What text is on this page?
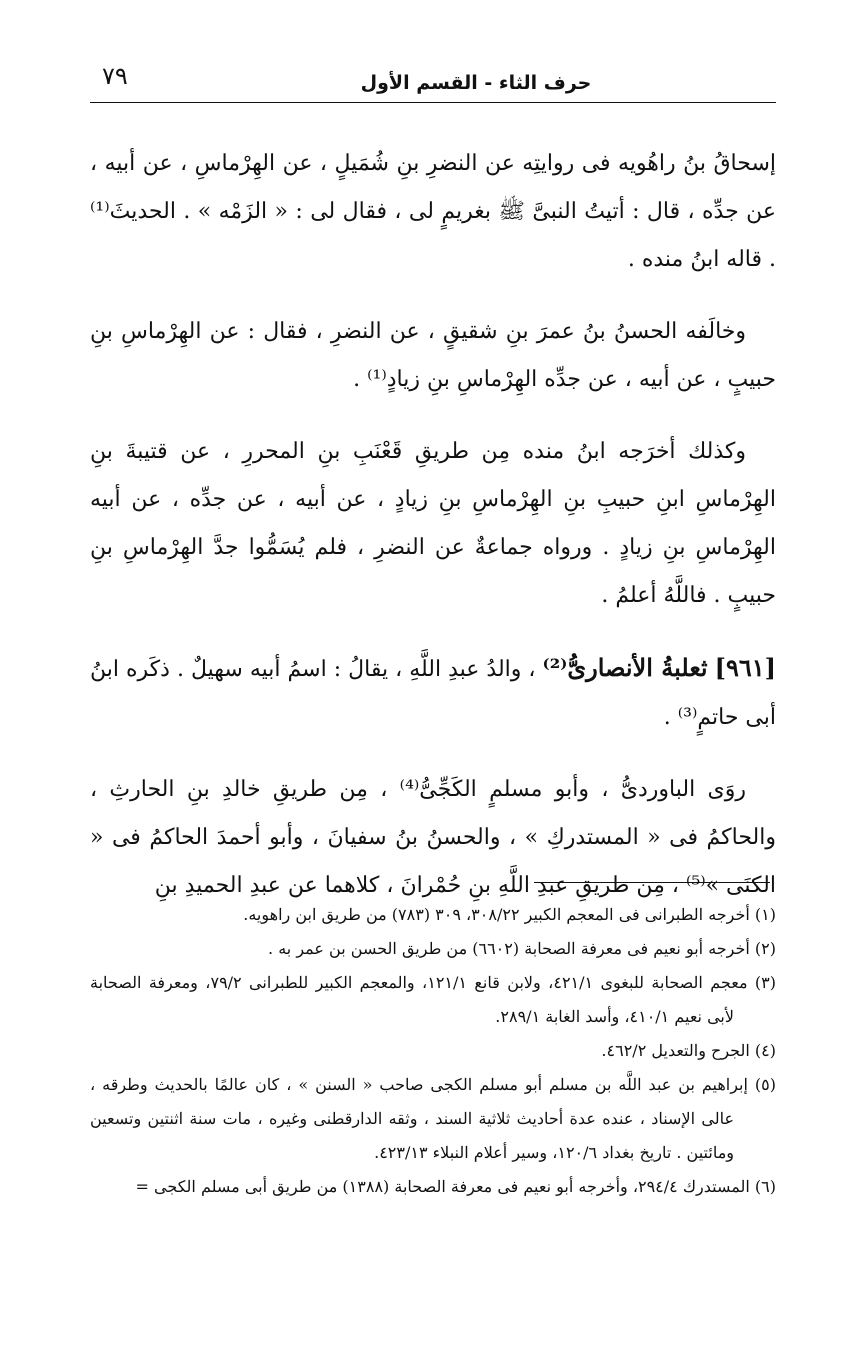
٧٩	حرف الثاء - القسم الأول

إسحاقُ بنُ راهُويه فى روايتِه عن النضرِ بنِ شُمَيلٍ ، عن الهِرْماسِ ، عن أبيه ، عن جدِّه ، قال : أتيتُ النبىَّ ﷺ بغريمٍ لى ، فقال لى : « الزَمْه » . الحديثَ⁽¹⁾ . قاله ابنُ منده .

وخالَفه الحسنُ بنُ عمرَ بنِ شقيقٍ ، عن النضرِ ، فقال : عن الهِرْماسِ بنِ حبيبٍ ، عن أبيه ، عن جدِّه الهِرْماسِ بنِ زيادٍ⁽¹⁾ .

وكذلك أخرَجه ابنُ منده مِن طريقِ قَعْنَبِ بنِ المحررِ ، عن قتيبةَ بنِ الهِرْماسِ ابنِ حبيبِ بنِ الهِرْماسِ بنِ زيادٍ ، عن أبيه ، عن جدِّه ، عن أبيه الهِرْماسِ بنِ زيادٍ . ورواه جماعةٌ عن النضرِ ، فلم يُسَمُّوا جدَّ الهِرْماسِ بنِ حبيبٍ . فاللَّهُ أعلمُ .

[٩٦١] ثعلبةُ الأنصارىُّ⁽²⁾ ، والدُ عبدِ اللَّهِ ، يقالُ : اسمُ أبيه سهيلٌ . ذكَره ابنُ أبى حاتمٍ⁽³⁾ .

روَى الباوردىُّ ، وأبو مسلمٍ الكَجِّىُّ⁽⁴⁾ ، مِن طريقِ خالدِ بنِ الحارثِ ، والحاكمُ فى « المستدركِ » ، والحسنُ بنُ سفيانَ ، وأبو أحمدَ الحاكمُ فى « الكنَى »⁽⁵⁾ ، مِن طريقِ عبدِ اللَّهِ بنِ حُمْرانَ ، كلاهما عن عبدِ الحميدِ بنِ

(١) أخرجه الطبرانى فى المعجم الكبير ٣٠٨/٢٢، ٣٠٩ (٧٨٣) من طريق ابن راهويه.

(٢) أخرجه أبو نعيم فى معرفة الصحابة (٦٦٠٢) من طريق الحسن بن عمر به .

(٣) معجم الصحابة للبغوى ٤٢١/١، ولابن قانع ١٢١/١، والمعجم الكبير للطبرانى ٧٩/٢، ومعرفة الصحابة لأبى نعيم ٤١٠/١، وأسد الغابة ٢٨٩/١.

(٤) الجرح والتعديل ٤٦٢/٢.

(٥) إبراهيم بن عبد اللَّه بن مسلم أبو مسلم الكجى صاحب « السنن » ، كان عالمًا بالحديث وطرقه ، عالى الإسناد ، عنده عدة أحاديث ثلاثية السند ، وثقه الدارقطنى وغيره ، مات سنة اثنتين وتسعين ومائتين . تاريخ بغداد ١٢٠/٦، وسير أعلام النبلاء ٤٢٣/١٣.

(٦) المستدرك ٢٩٤/٤، وأخرجه أبو نعيم فى معرفة الصحابة (١٣٨٨) من طريق أبى مسلم الكجى =
